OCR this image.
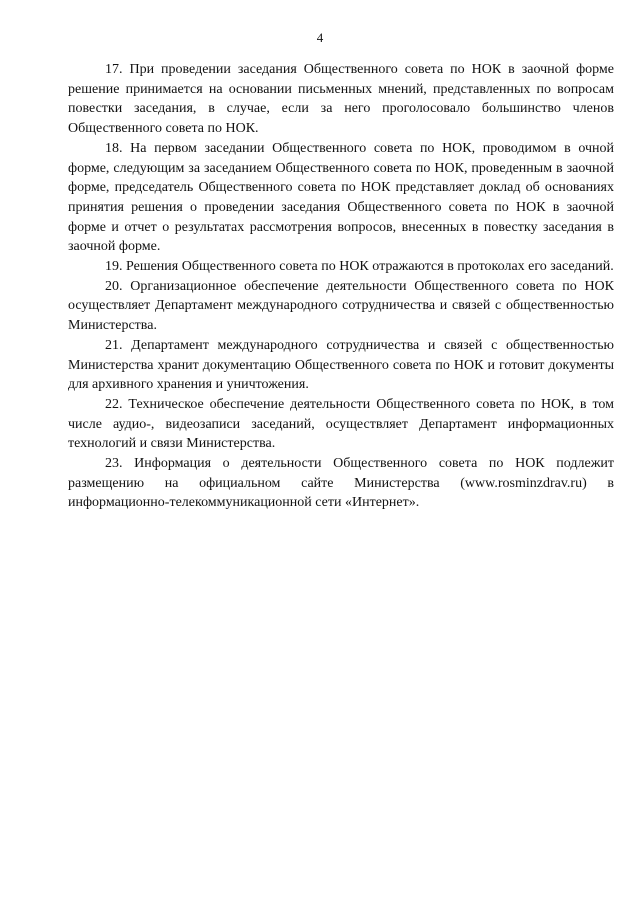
4

17. При проведении заседания Общественного совета по НОК в заочной форме решение принимается на основании письменных мнений, представленных по вопросам повестки заседания, в случае, если за него проголосовало большинство членов Общественного совета по НОК.

18. На первом заседании Общественного совета по НОК, проводимом в очной форме, следующим за заседанием Общественного совета по НОК, проведенным в заочной форме, председатель Общественного совета по НОК представляет доклад об основаниях принятия решения о проведении заседания Общественного совета по НОК в заочной форме и отчет о результатах рассмотрения вопросов, внесенных в повестку заседания в заочной форме.

19. Решения Общественного совета по НОК отражаются в протоколах его заседаний.

20. Организационное обеспечение деятельности Общественного совета по НОК осуществляет Департамент международного сотрудничества и связей с общественностью Министерства.

21. Департамент международного сотрудничества и связей с общественностью Министерства хранит документацию Общественного совета по НОК и готовит документы для архивного хранения и уничтожения.

22. Техническое обеспечение деятельности Общественного совета по НОК, в том числе аудио-, видеозаписи заседаний, осуществляет Департамент информационных технологий и связи Министерства.

23. Информация о деятельности Общественного совета по НОК подлежит размещению на официальном сайте Министерства (www.rosminzdrav.ru) в информационно-телекоммуникационной сети «Интернет».
